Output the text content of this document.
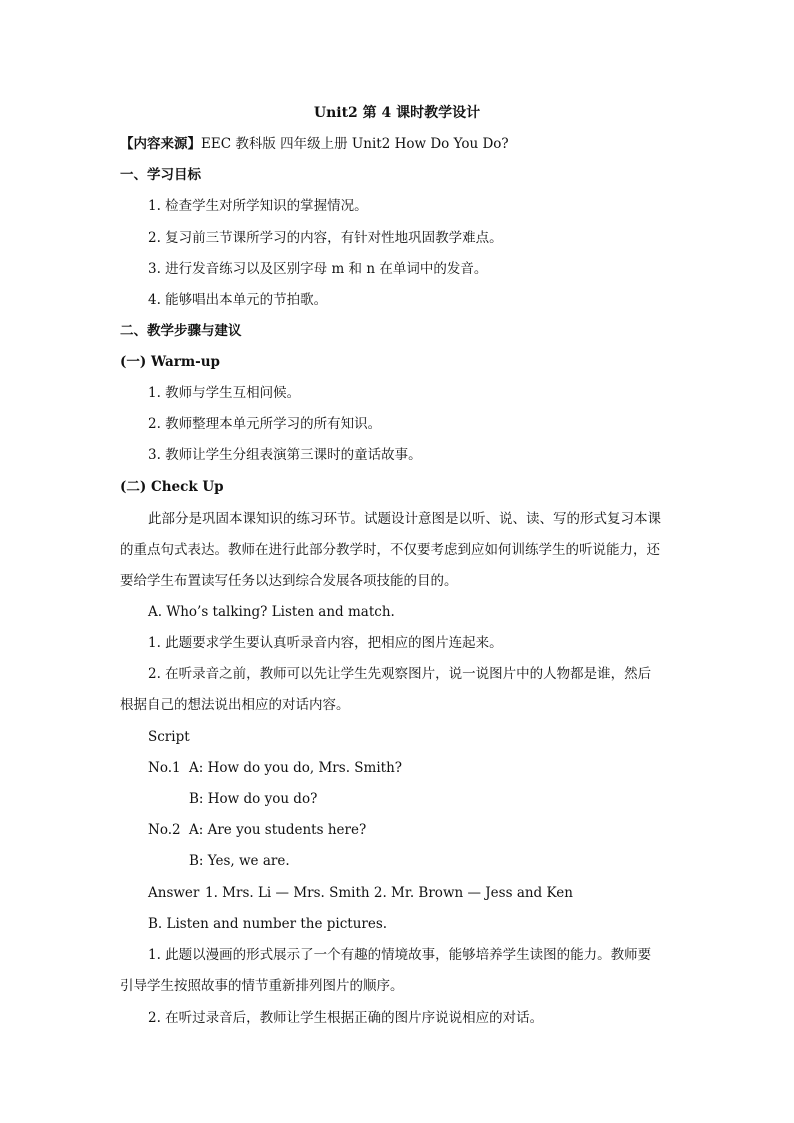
Unit2 第 4 课时教学设计
【内容来源】EEC 教科版 四年级上册 Unit2 How Do You Do?
一、学习目标
1. 检查学生对所学知识的掌握情况。
2. 复习前三节课所学习的内容，有针对性地巩固教学难点。
3. 进行发音练习以及区别字母 m 和 n 在单词中的发音。
4. 能够唱出本单元的节拍歌。
二、教学步骤与建议
(一) Warm-up
1. 教师与学生互相问候。
2. 教师整理本单元所学习的所有知识。
3. 教师让学生分组表演第三课时的童话故事。
(二) Check Up
此部分是巩固本课知识的练习环节。试题设计意图是以听、说、读、写的形式复习本课
的重点句式表达。教师在进行此部分教学时，不仅要考虑到应如何训练学生的听说能力，还
要给学生布置读写任务以达到综合发展各项技能的目的。
A. Who’s talking? Listen and match.
1. 此题要求学生要认真听录音内容，把相应的图片连起来。
2. 在听录音之前，教师可以先让学生先观察图片，说一说图片中的人物都是谁，然后
根据自己的想法说出相应的对话内容。
Script
No.1 A: How do you do, Mrs. Smith?
B: How do you do?
No.2 A: Are you students here?
B: Yes, we are.
Answer 1. Mrs. Li — Mrs. Smith 2. Mr. Brown — Jess and Ken
B. Listen and number the pictures.
1. 此题以漫画的形式展示了一个有趣的情境故事，能够培养学生读图的能力。教师要
引导学生按照故事的情节重新排列图片的顺序。
2. 在听过录音后，教师让学生根据正确的图片序说说相应的对话。
